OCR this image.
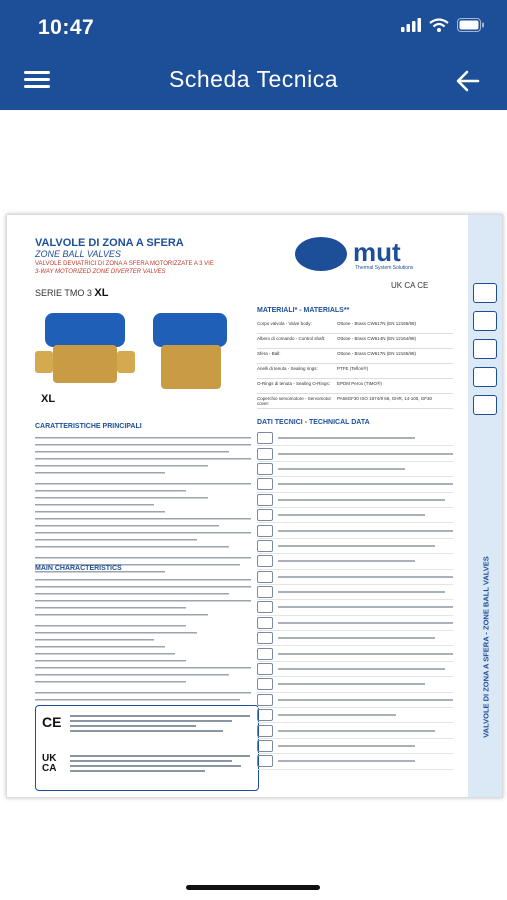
10:47
Scheda Tecnica
VALVOLE DI ZONA A SFERA - ZONE BALL VALVES
VALVOLE DI ZONA A SFERA
ZONE BALL VALVES
VALVOLE DEVIATRICI DI ZONA A SFERA MOTORIZZATE A 3 VIE
3-WAY MOTORIZED ZONE DIVERTER VALVES
SERIE TMO 3 XL
mut
Thermal System Solutions
UK CA CE
XL
MATERIALI* - MATERIALS**
Corpo valvola - Valve body:	Ottone - Brass CW617N (EN 12165/98)
Albero di comando - Control shaft:	Ottone - Brass CW614N (EN 12164/98)
Sfera - Ball:	Ottone - Brass CW617N (EN 12165/98)
Anelli di tenuta - Sealing rings:	PTFE (Teflon®)
O-Rings di tenuta - Sealing O-Rings:	EPDM Perox (TIMO®)
Coperchio servomotore - Servomotor cover:
PA66GF30 ISO 1874/9 66, GHR, 14-100, GF30
CARATTERISTICHE PRINCIPALI
MAIN CHARACTERISTICS
CE
UK
CA
DATI TECNICI - TECHNICAL DATA
